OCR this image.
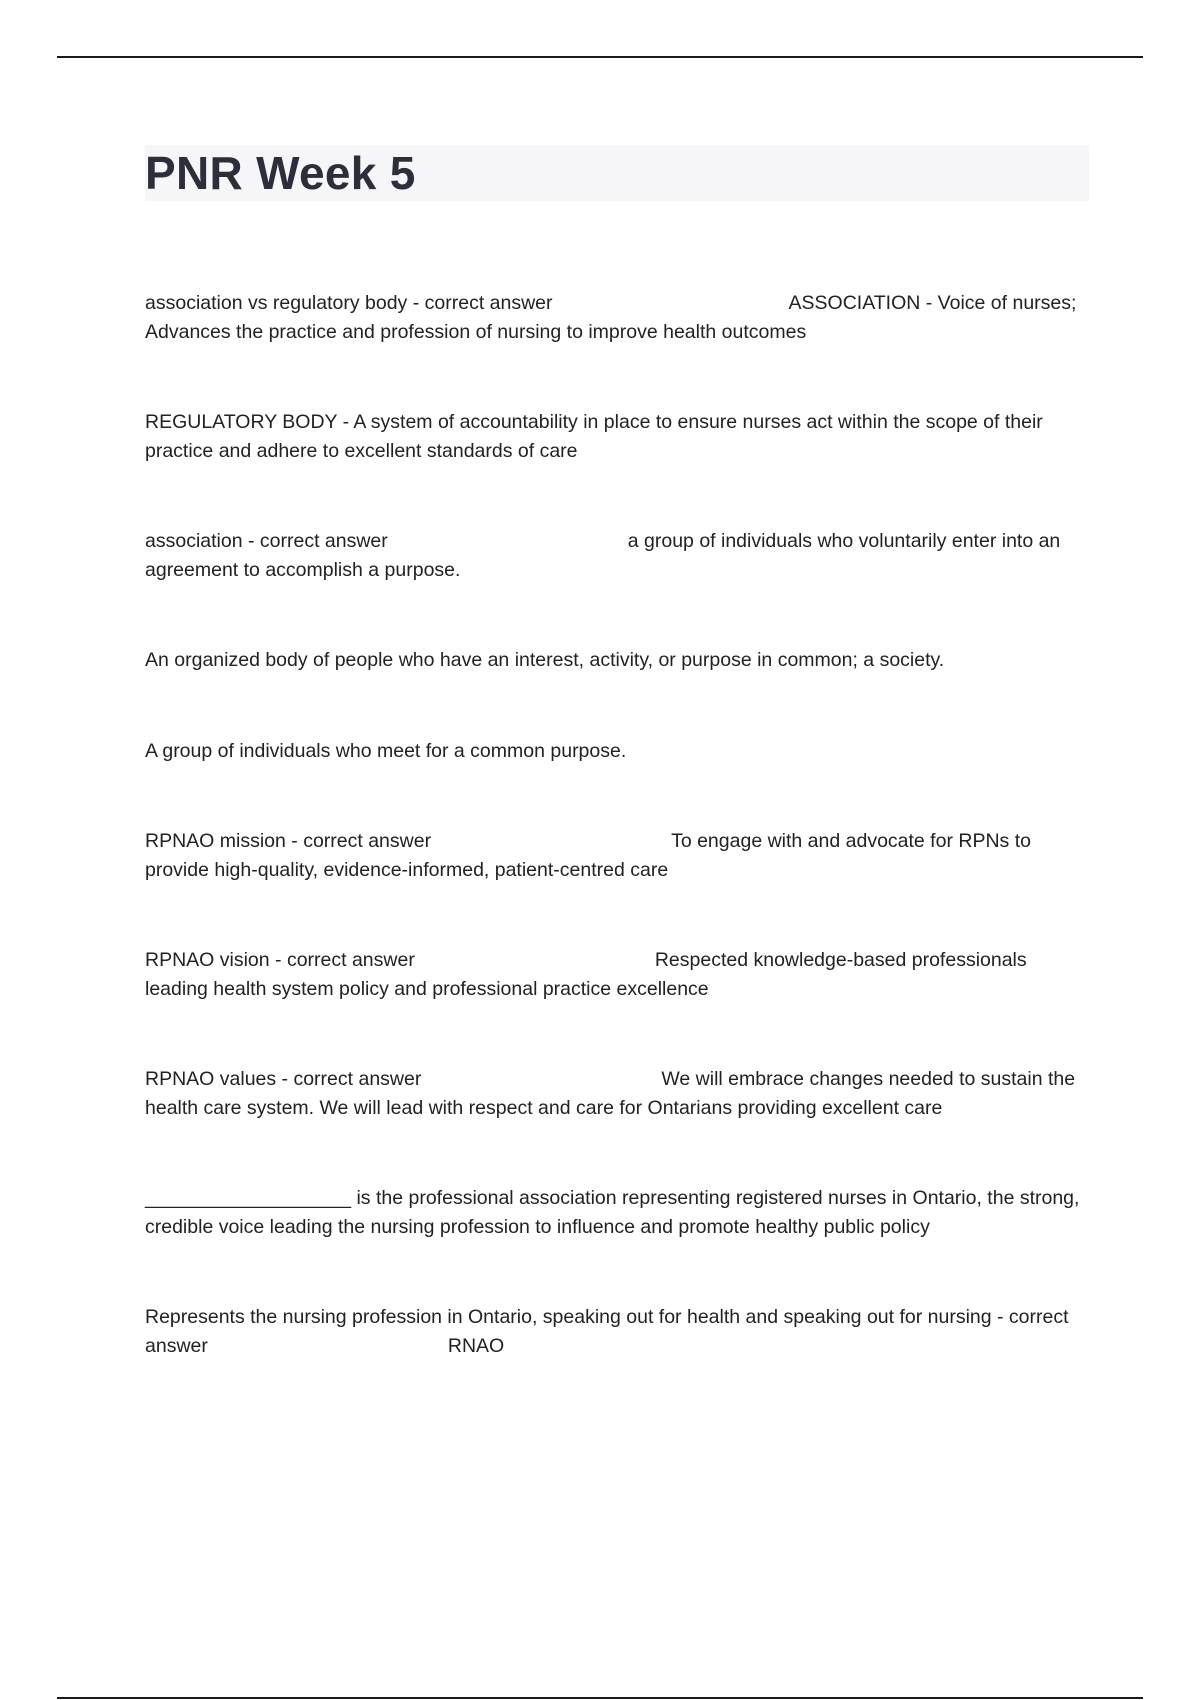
PNR Week 5

association vs regulatory body - correct answer	ASSOCIATION - Voice of nurses; Advances the practice and profession of nursing to improve health outcomes

REGULATORY BODY - A system of accountability in place to ensure nurses act within the scope of their practice and adhere to excellent standards of care

association - correct answer	a group of individuals who voluntarily enter into an agreement to accomplish a purpose.

An organized body of people who have an interest, activity, or purpose in common; a society.

A group of individuals who meet for a common purpose.

RPNAO mission - correct answer	To engage with and advocate for RPNs to provide high-quality, evidence-informed, patient-centred care

RPNAO vision - correct answer	Respected knowledge-based professionals leading health system policy and professional practice excellence

RPNAO values - correct answer	We will embrace changes needed to sustain the health care system. We will lead with respect and care for Ontarians providing excellent care

___________________ is the professional association representing registered nurses in Ontario, the strong, credible voice leading the nursing profession to influence and promote healthy public policy

Represents the nursing profession in Ontario, speaking out for health and speaking out for nursing - correct answer	RNAO
